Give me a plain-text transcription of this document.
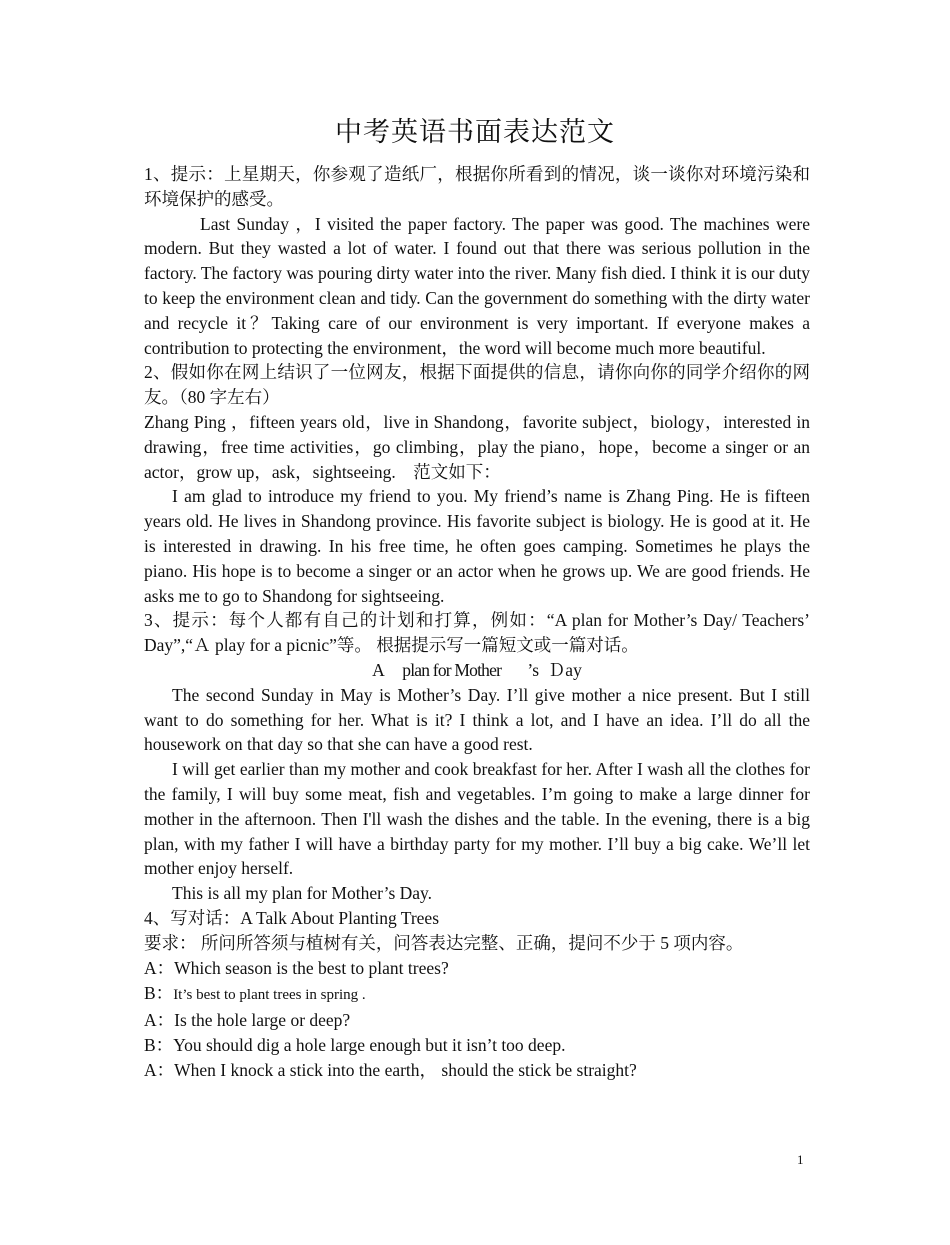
中考英语书面表达范文

1、提示：上星期天，你参观了造纸厂，根据你所看到的情况，谈一谈你对环境污染和环境保护的感受。

Last Sunday ，I visited the paper factory. The paper was good. The machines were modern. But they wasted a lot of water. I found out that there was serious pollution in the factory. The factory was pouring dirty water into the river. Many fish died. I think it is our duty to keep the environment clean and tidy. Can the government do something with the dirty water and recycle it？Taking care of our environment is very important. If everyone makes a contribution to protecting the environment，the word will become much more beautiful.

2、假如你在网上结识了一位网友，根据下面提供的信息，请你向你的同学介绍你的网友。（80 字左右）

Zhang Ping ，fifteen years old，live in Shandong，favorite subject，biology，interested in drawing，free time activities，go climbing，play the piano，hope，become a singer or an actor，grow up，ask，sightseeing. 范文如下：

I am glad to introduce my friend to you. My friend’s name is Zhang Ping. He is fifteen years old. He lives in Shandong province. His favorite subject is biology. He is good at it. He is interested in drawing. In his free time, he often goes camping. Sometimes he plays the piano. His hope is to become a singer or an actor when he grows up. We are good friends. He asks me to go to Shandong for sightseeing.

3、提示：每个人都有自己的计划和打算，例如：“A plan for Mother’s Day/ Teachers’ Day”,“Ａ play for a picnic”等。 根据提示写一篇短文或一篇对话。

A plan for Mother ’s Ｄay

The second Sunday in May is Mother’s Day. I’ll give mother a nice present. But I still want to do something for her. What is it? I think a lot, and I have an idea. I’ll do all the housework on that day so that she can have a good rest.

I will get earlier than my mother and cook breakfast for her. After I wash all the clothes for the family, I will buy some meat, fish and vegetables. I’m going to make a large dinner for mother in the afternoon. Then I'll wash the dishes and the table. In the evening, there is a big plan, with my father I will have a birthday party for my mother. I’ll buy a big cake. We’ll let mother enjoy herself.

This is all my plan for Mother’s Day.

4、写对话：A Talk About Planting Trees

要求： 所问所答须与植树有关，问答表达完整、正确，提问不少于 5 项内容。

A：Which season is the best to plant trees?

B：It’s best to plant trees in spring .

A：Is the hole large or deep?

B：You should dig a hole large enough but it isn’t too deep.

A：When I knock a stick into the earth， should the stick be straight?

1
